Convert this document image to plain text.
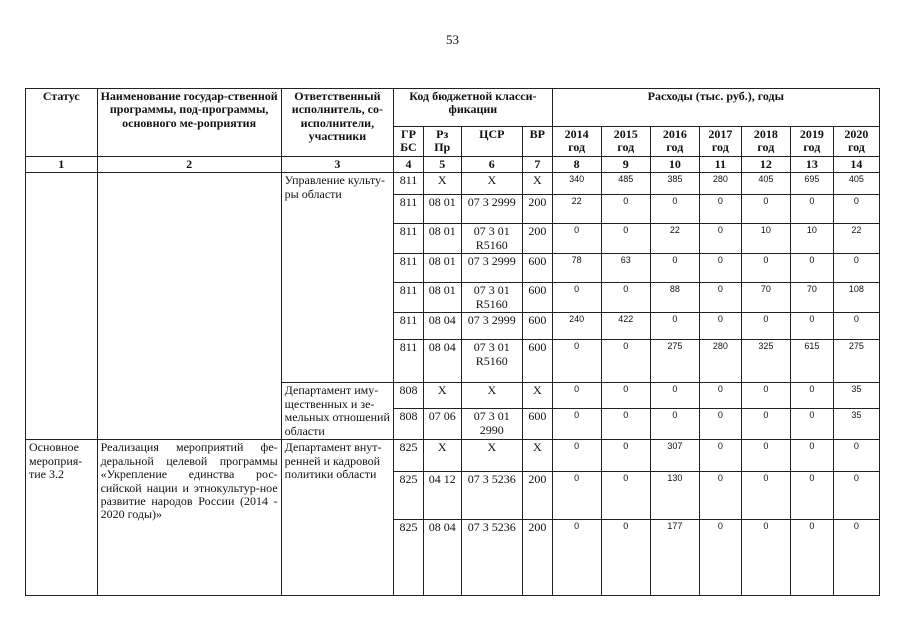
53
Статус	Наименование государ-ственной программы, под-программы, основного ме-роприятия	Ответственный исполнитель, со-исполнители, участники	Код бюджетной класси-фикации				Расходы (тыс. руб.), годы						
			ГР БС	Рз Пр	ЦСР	ВР	2014 год	2015 год	2016 год	2017 год	2018 год	2019 год	2020 год
1	2	3	4	5	6	7	8	9	10	11	12	13	14
		Управление культу-ры области	811	X	X	X	340	485	385	280	405	695	405
			811	08 01	07 3 2999	200	22	0	0	0	0	0	0
			811	08 01	07 3 01 R5160	200	0	0	22	0	10	10	22
			811	08 01	07 3 2999	600	78	63	0	0	0	0	0
			811	08 01	07 3 01 R5160	600	0	0	88	0	70	70	108
			811	08 04	07 3 2999	600	240	422	0	0	0	0	0
			811	08 04	07 3 01 R5160	600	0	0	275	280	325	615	275
		Департамент иму-щественных и зе-мельных отношений области	808	X	X	X	0	0	0	0	0	0	35
			808	07 06	07 3 01 2990	600	0	0	0	0	0	0	35
Основное мероприя-тие 3.2	Реализация мероприятий фе-деральной целевой программы «Укрепление единства рос-сийской нации и этнокультур-ное развитие народов России (2014 - 2020 годы)»	Департамент внут-ренней и кадровой политики области	825	X	X	X	0	0	307	0	0	0	0
			825	04 12	07 3 5236	200	0	0	130	0	0	0	0
			825	08 04	07 3 5236	200	0	0	177	0	0	0	0
